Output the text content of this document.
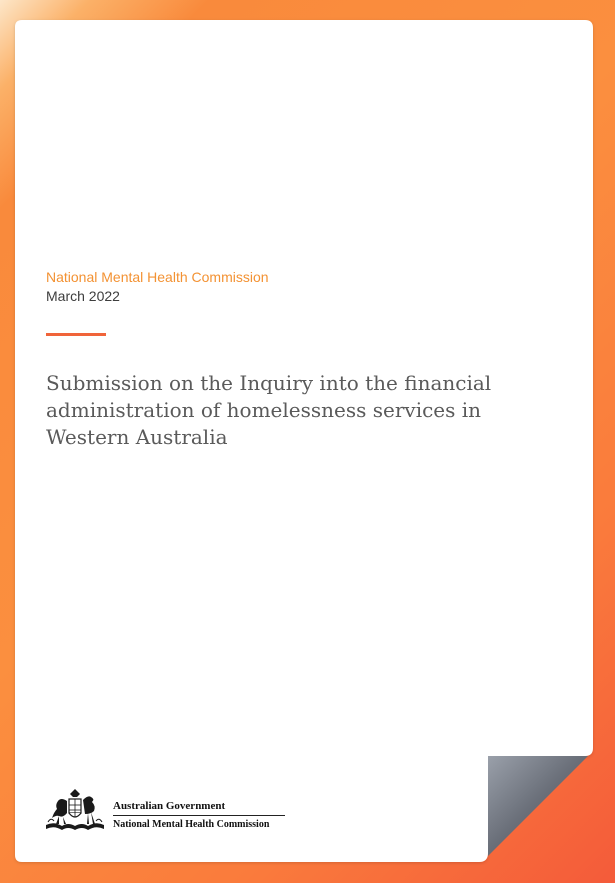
National Mental Health Commission
March 2022
Submission on the Inquiry into the financial administration of homelessness services in Western Australia
Australian Government
National Mental Health Commission
